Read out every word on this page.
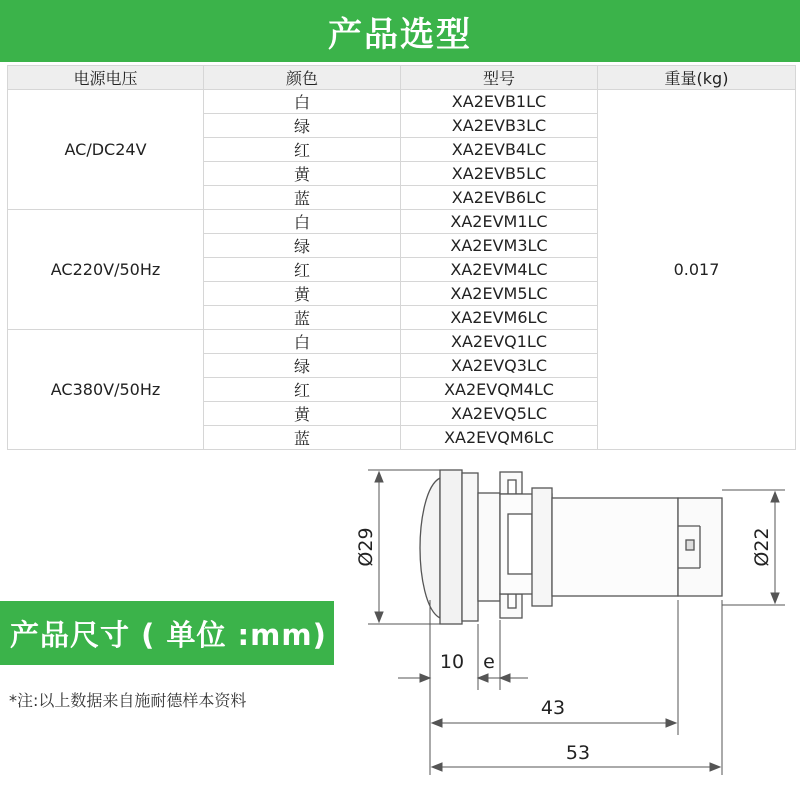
产品选型
电源电压	颜色	型号	重量(kg)
AC/DC24V	白	XA2EVB1LC	0.017
	绿	XA2EVB3LC	
	红	XA2EVB4LC	
	黄	XA2EVB5LC	
	蓝	XA2EVB6LC	
AC220V/50Hz	白	XA2EVM1LC	
	绿	XA2EVM3LC	
	红	XA2EVM4LC	
	黄	XA2EVM5LC	
	蓝	XA2EVM6LC	
AC380V/50Hz	白	XA2EVQ1LC	
	绿	XA2EVQ3LC	
	红	XA2EVQM4LC	
	黄	XA2EVQ5LC	
	蓝	XA2EVQM6LC	
产品尺寸 ( 单位 :mm)
*注:以上数据来自施耐德样本资料
Ø29	Ø22
10 e
43
53
